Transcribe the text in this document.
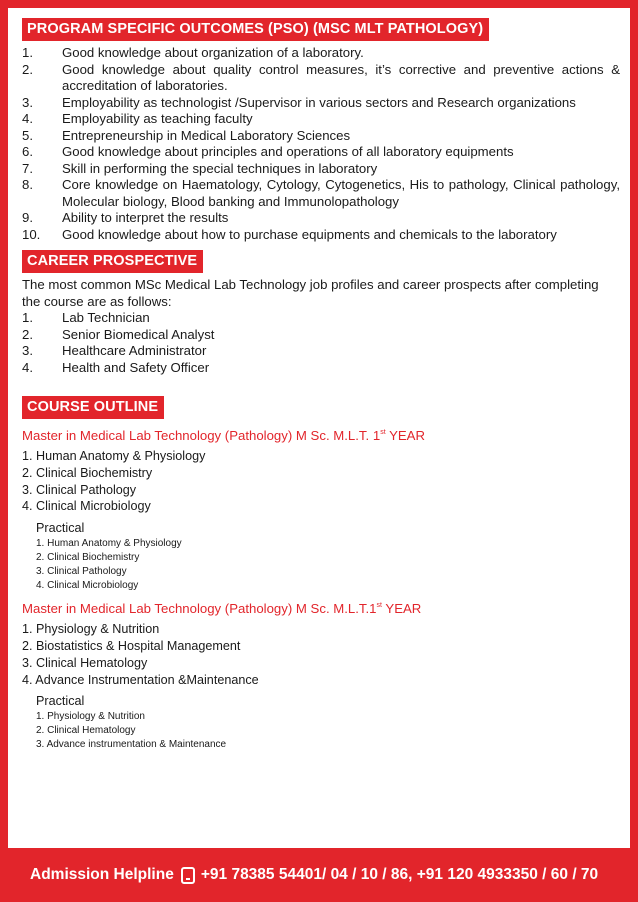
PROGRAM SPECIFIC OUTCOMES (PSO) (MSC MLT PATHOLOGY)
1.	Good knowledge about organization of a laboratory.
2.	Good knowledge about quality control measures, it’s corrective and preventive actions & accreditation of laboratories.
3.	Employability as technologist /Supervisor in various sectors and Research organizations
4.	Employability as teaching faculty
5.	Entrepreneurship in Medical Laboratory Sciences
6.	Good knowledge about principles and operations of all laboratory equipments
7.	Skill in performing the special techniques in laboratory
8.	Core knowledge on Haematology, Cytology, Cytogenetics, His to pathology, Clinical pathology, Molecular biology, Blood banking and Immunolopathology
9.	Ability to interpret the results
10.	Good knowledge about how to purchase equipments and chemicals to the laboratory
CAREER PROSPECTIVE
The most common MSc Medical Lab Technology job profiles and career prospects after completing the course are as follows:
1.	Lab Technician
2.	Senior Biomedical Analyst
3.	Healthcare Administrator
4.	Health and Safety Officer
COURSE OUTLINE
Master in Medical Lab Technology (Pathology) M Sc. M.L.T. 1st YEAR
1. Human Anatomy & Physiology
2. Clinical Biochemistry
3. Clinical Pathology
4. Clinical Microbiology
Practical
1. Human Anatomy & Physiology
2. Clinical Biochemistry
3. Clinical Pathology
4. Clinical Microbiology
Master in Medical Lab Technology (Pathology) M Sc. M.L.T.1st YEAR
1. Physiology & Nutrition
2. Biostatistics & Hospital Management
3. Clinical Hematology
4. Advance Instrumentation &Maintenance
Practical
1. Physiology & Nutrition
2. Clinical Hematology
3. Advance instrumentation & Maintenance
Admission Helpline +91 78385 54401/ 04 / 10 / 86, +91 120 4933350 / 60 / 70
